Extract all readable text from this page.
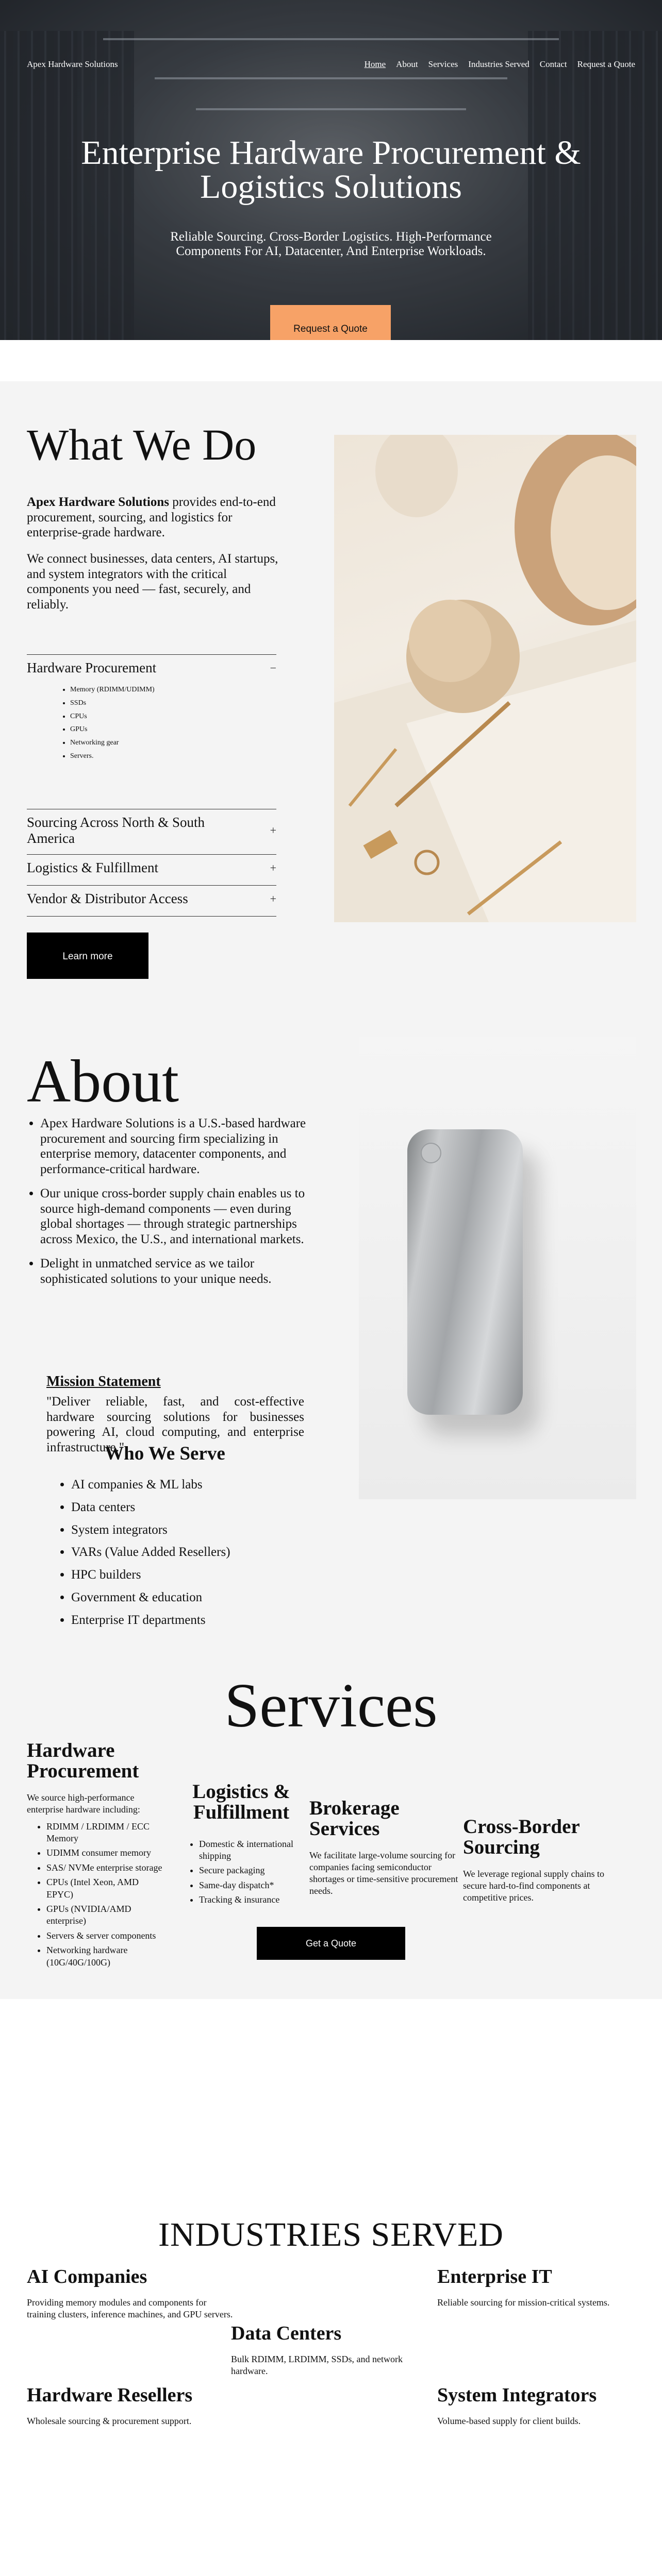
Apex Hardware Solutions	Home About Services Industries Served Contact Request a Quote
Enterprise Hardware Procurement & Logistics Solutions

Reliable Sourcing. Cross-Border Logistics. High-Performance Components For AI, Datacenter, And Enterprise Workloads.

Request a Quote
What We Do

Apex Hardware Solutions provides end-to-end procurement, sourcing, and logistics for enterprise-grade hardware.

We connect businesses, data centers, AI startups, and system integrators with the critical components you need — fast, securely, and reliably.

Hardware Procurement	−
• Memory (RDIMM/UDIMM)
• SSDs
• CPUs
• GPUs
• Networking gear
• Servers.
Sourcing Across North & South America
+
Logistics & Fulfillment	+
Vendor & Distributor Access	+
Learn more
About
• Apex Hardware Solutions is a U.S.-based hardware procurement and sourcing firm specializing in enterprise memory, datacenter components, and performance-critical hardware.
• Our unique cross-border supply chain enables us to source high-demand components — even during global shortages — through strategic partnerships across Mexico, the U.S., and international markets.
• Delight in unmatched service as we tailor sophisticated solutions to your unique needs.
Mission Statement

"Deliver reliable, fast, and cost-effective hardware sourcing solutions for businesses powering AI, cloud computing, and enterprise infrastructure."

Who We Serve
• AI companies & ML labs
• Data centers
• System integrators
• VARs (Value Added Resellers)
• HPC builders
• Government & education
• Enterprise IT departments
Services
Hardware Procurement

We source high-performance enterprise hardware including:

• RDIMM / LRDIMM / ECC Memory
• UDIMM consumer memory
• SAS/ NVMe enterprise storage
• CPUs (Intel Xeon, AMD EPYC)
• GPUs (NVIDIA/AMD enterprise)
• Servers & server components
• Networking hardware (10G/40G/100G)
Logistics & Fulfillment
• Domestic & international shipping
• Secure packaging
• Same-day dispatch*
• Tracking & insurance
Brokerage Services

We facilitate large-volume sourcing for companies facing semiconductor shortages or time-sensitive procurement needs.

Cross-Border Sourcing

We leverage regional supply chains to secure hard-to-find components at competitive prices.

Get a Quote
INDUSTRIES SERVED
AI Companies

Providing memory modules and components for training clusters, inference machines, and GPU servers.

Data Centers

Bulk RDIMM, LRDIMM, SSDs, and network hardware.

Enterprise IT

Reliable sourcing for mission-critical systems.

Hardware Resellers

Wholesale sourcing & procurement support.

System Integrators

Volume-based supply for client builds.
